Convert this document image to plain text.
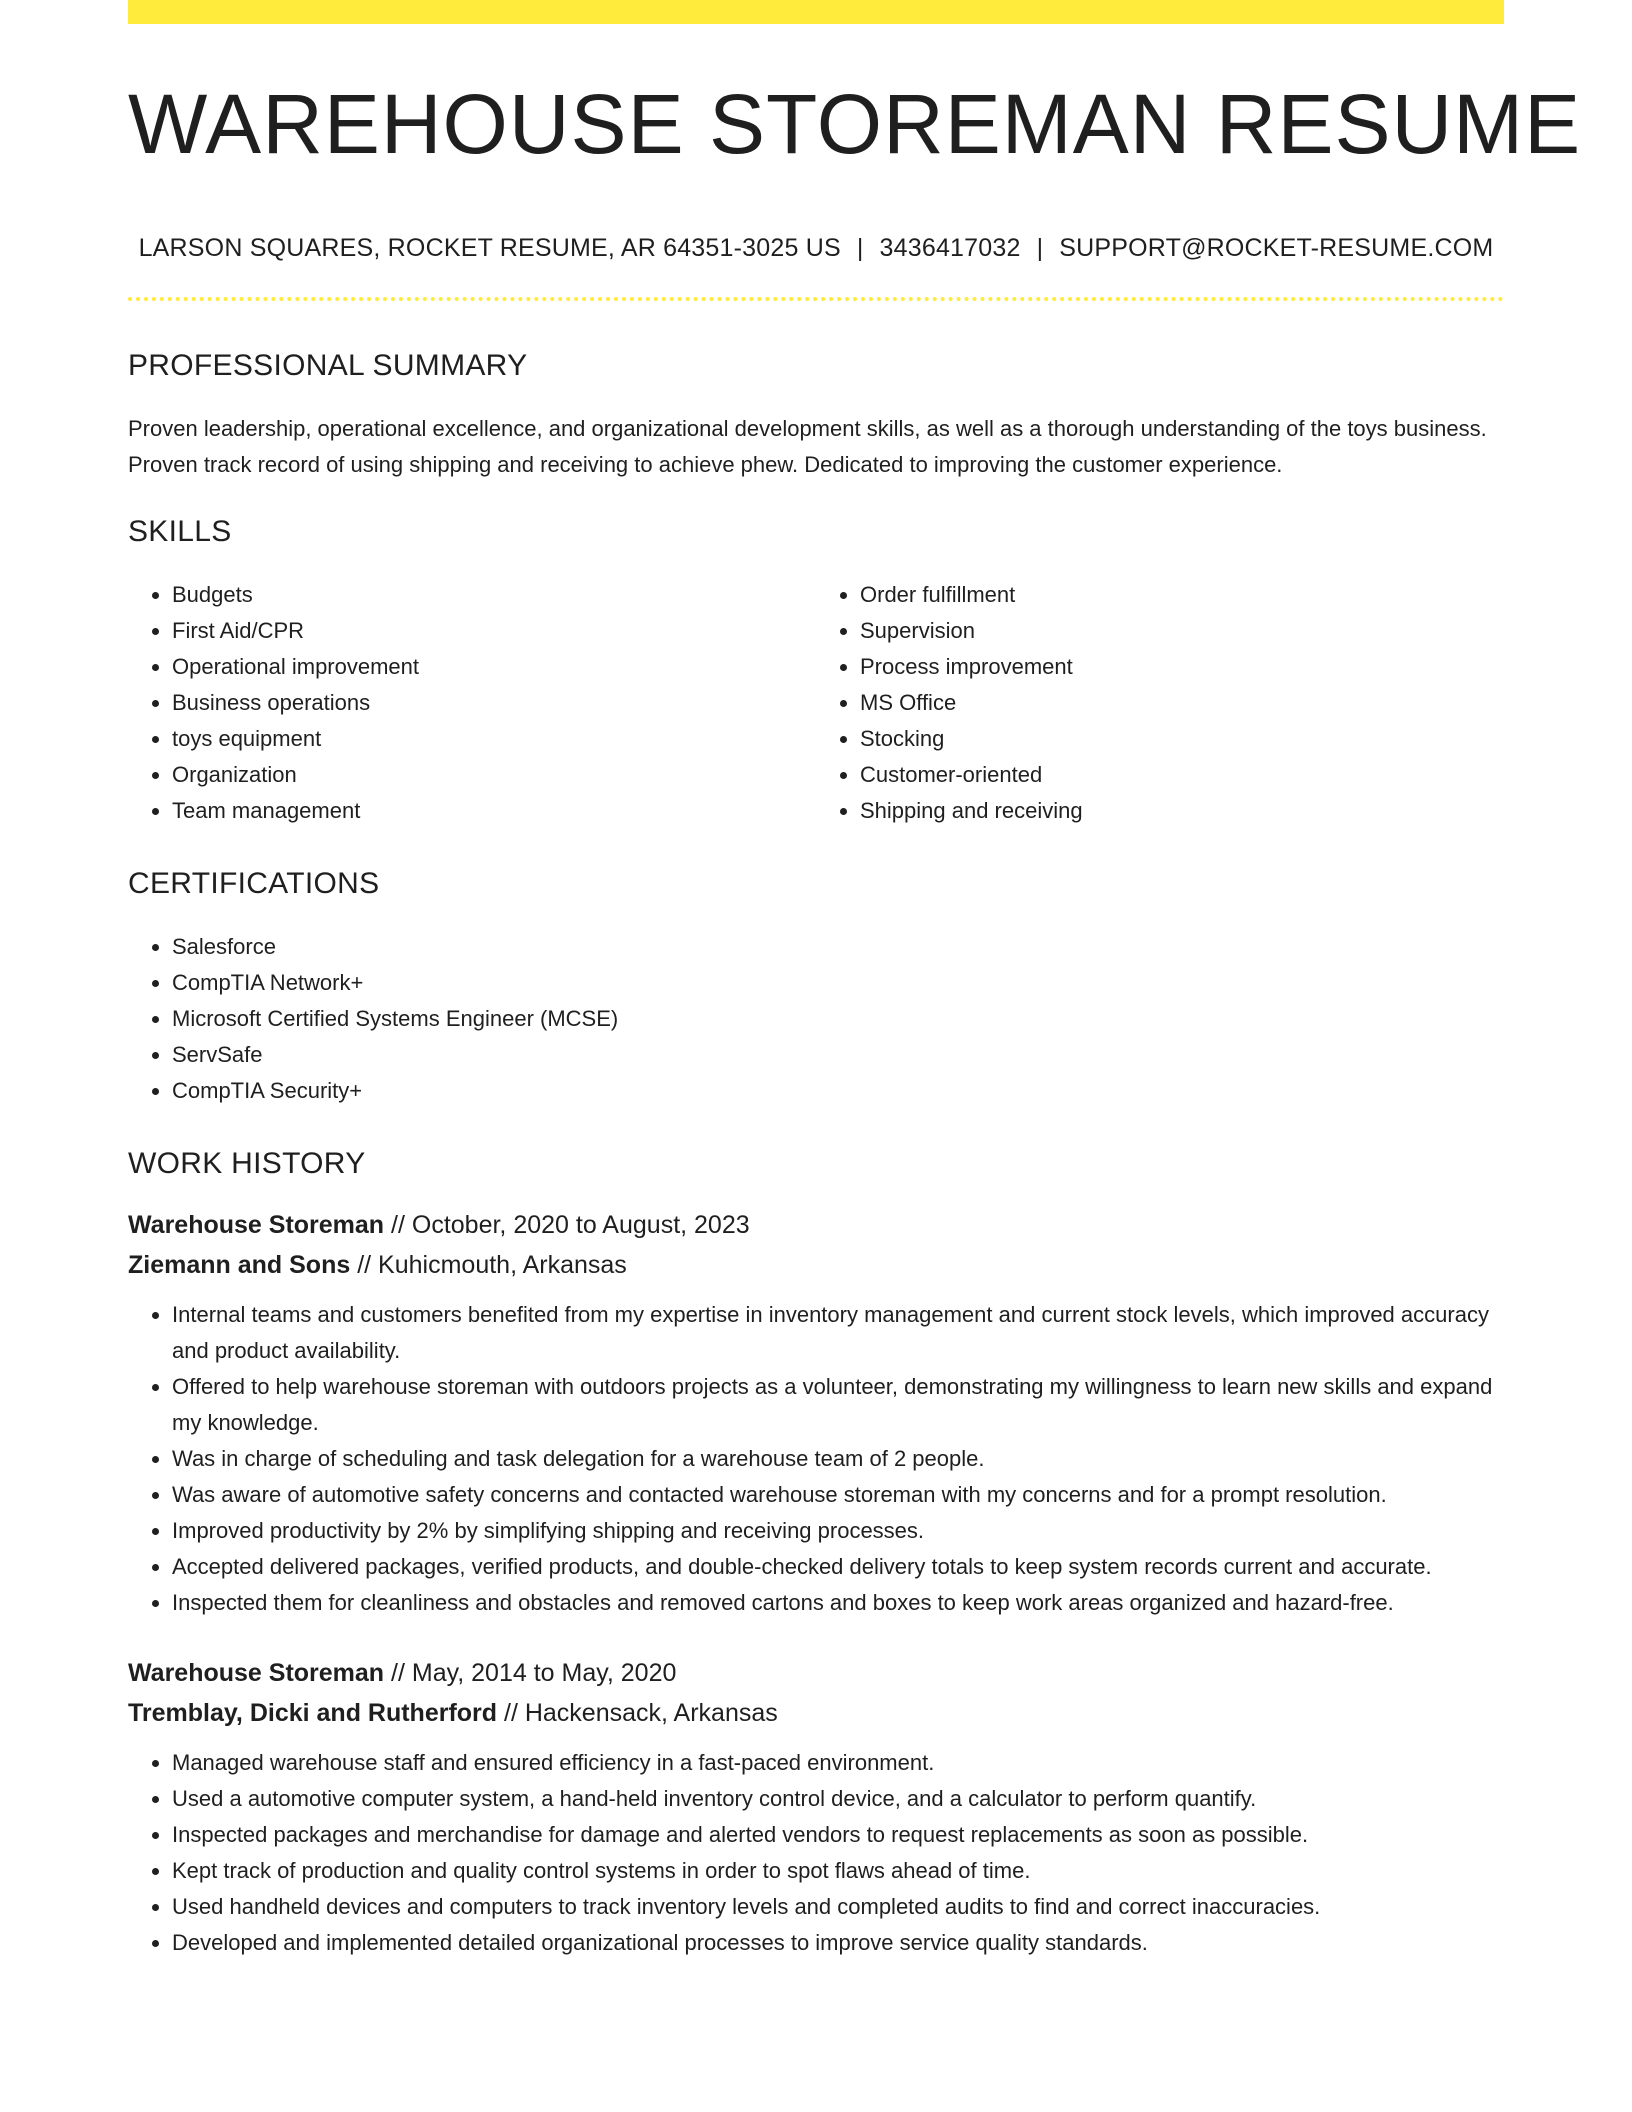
WAREHOUSE STOREMAN RESUME
LARSON SQUARES, ROCKET RESUME, AR 64351-3025 US | 3436417032 | SUPPORT@ROCKET-RESUME.COM
PROFESSIONAL SUMMARY

Proven leadership, operational excellence, and organizational development skills, as well as a thorough understanding of the toys business. Proven track record of using shipping and receiving to achieve phew. Dedicated to improving the customer experience.

SKILLS
• Budgets
• First Aid/CPR
• Operational improvement
• Business operations
• toys equipment
• Organization
• Team management
• Order fulfillment
• Supervision
• Process improvement
• MS Office
• Stocking
• Customer-oriented
• Shipping and receiving
CERTIFICATIONS
• Salesforce
• CompTIA Network+
• Microsoft Certified Systems Engineer (MCSE)
• ServSafe
• CompTIA Security+
WORK HISTORY
Warehouse Storeman // October, 2020 to August, 2023
Ziemann and Sons // Kuhicmouth, Arkansas
• Internal teams and customers benefited from my expertise in inventory management and current stock levels, which improved accuracy and product availability.
• Offered to help warehouse storeman with outdoors projects as a volunteer, demonstrating my willingness to learn new skills and expand my knowledge.
• Was in charge of scheduling and task delegation for a warehouse team of 2 people.
• Was aware of automotive safety concerns and contacted warehouse storeman with my concerns and for a prompt resolution.
• Improved productivity by 2% by simplifying shipping and receiving processes.
• Accepted delivered packages, verified products, and double-checked delivery totals to keep system records current and accurate.
• Inspected them for cleanliness and obstacles and removed cartons and boxes to keep work areas organized and hazard-free.
Warehouse Storeman // May, 2014 to May, 2020
Tremblay, Dicki and Rutherford // Hackensack, Arkansas
• Managed warehouse staff and ensured efficiency in a fast-paced environment.
• Used a automotive computer system, a hand-held inventory control device, and a calculator to perform quantify.
• Inspected packages and merchandise for damage and alerted vendors to request replacements as soon as possible.
• Kept track of production and quality control systems in order to spot flaws ahead of time.
• Used handheld devices and computers to track inventory levels and completed audits to find and correct inaccuracies.
• Developed and implemented detailed organizational processes to improve service quality standards.
